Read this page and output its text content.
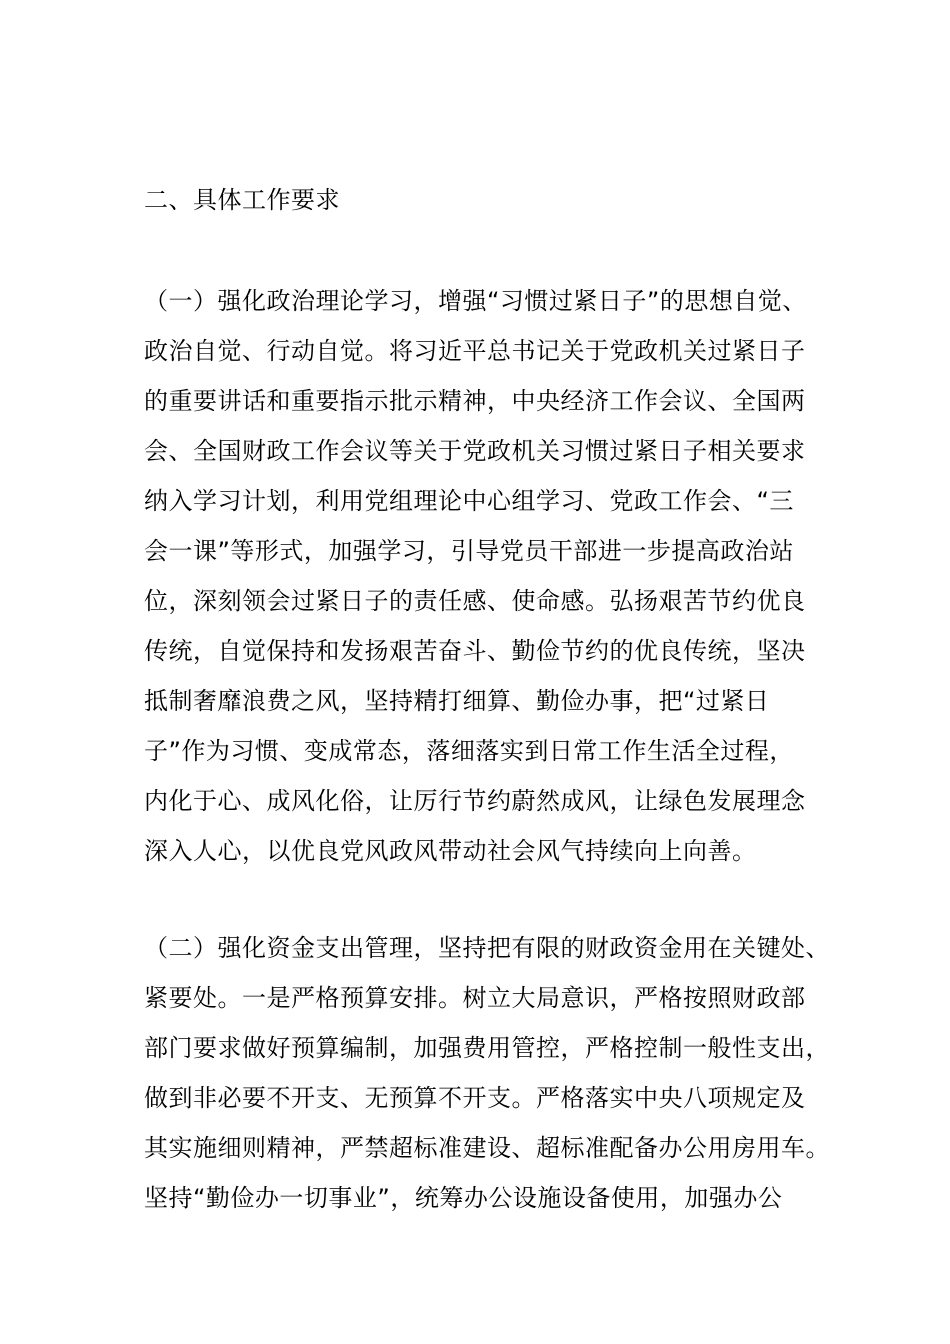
二、具体工作要求
（一）强化政治理论学习，增强“习惯过紧日子”的思想自觉、
政治自觉、行动自觉。将习近平总书记关于党政机关过紧日子
的重要讲话和重要指示批示精神，中央经济工作会议、全国两
会、全国财政工作会议等关于党政机关习惯过紧日子相关要求
纳入学习计划，利用党组理论中心组学习、党政工作会、“三
会一课”等形式，加强学习，引导党员干部进一步提高政治站
位，深刻领会过紧日子的责任感、使命感。弘扬艰苦节约优良
传统，自觉保持和发扬艰苦奋斗、勤俭节约的优良传统，坚决
抵制奢靡浪费之风，坚持精打细算、勤俭办事，把“过紧日
子”作为习惯、变成常态，落细落实到日常工作生活全过程，
内化于心、成风化俗，让厉行节约蔚然成风，让绿色发展理念
深入人心，以优良党风政风带动社会风气持续向上向善。
（二）强化资金支出管理，坚持把有限的财政资金用在关键处、
紧要处。一是严格预算安排。树立大局意识，严格按照财政部
部门要求做好预算编制，加强费用管控，严格控制一般性支出，
做到非必要不开支、无预算不开支。严格落实中央八项规定及
其实施细则精神，严禁超标准建设、超标准配备办公用房用车。
坚持“勤俭办一切事业”，统筹办公设施设备使用，加强办公
